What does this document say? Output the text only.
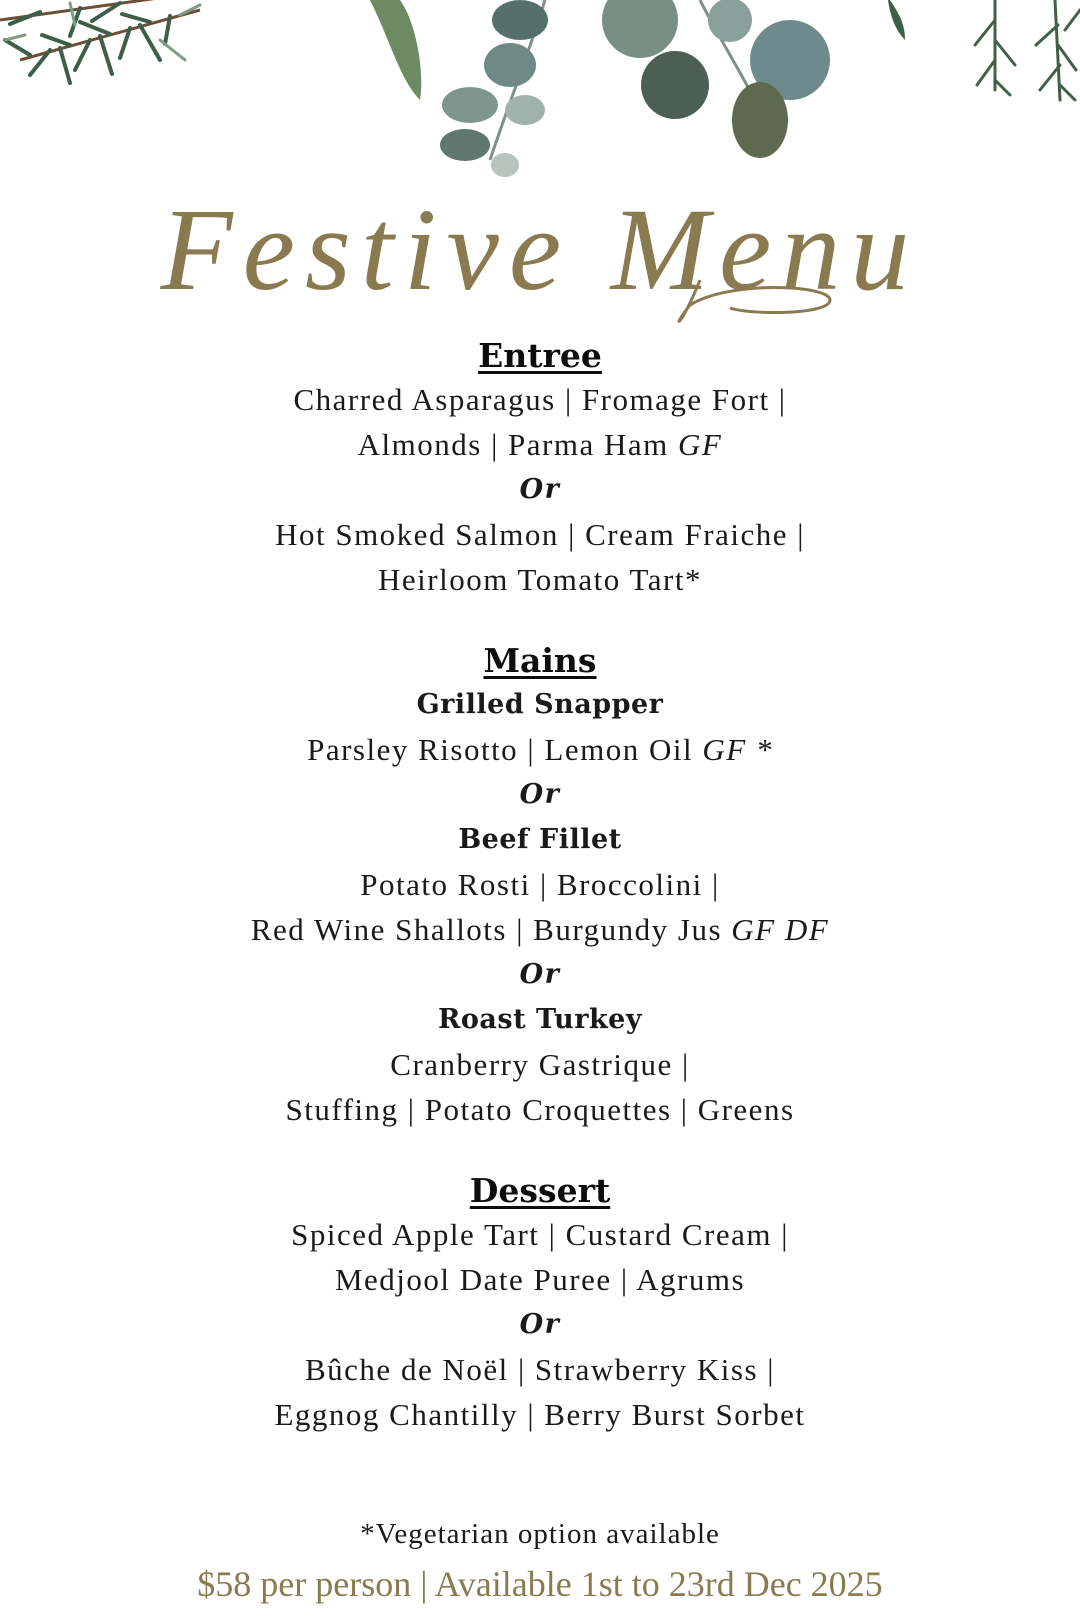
Festive Menu

Entree

Charred Asparagus | Fromage Fort |

Almonds | Parma Ham GF

Or

Hot Smoked Salmon | Cream Fraiche |

Heirloom Tomato Tart*

Mains

Grilled Snapper

Parsley Risotto | Lemon Oil GF *

Or

Beef Fillet

Potato Rosti | Broccolini |

Red Wine Shallots | Burgundy Jus GF DF

Or

Roast Turkey

Cranberry Gastrique |

Stuffing | Potato Croquettes | Greens

Dessert

Spiced Apple Tart | Custard Cream |

Medjool Date Puree | Agrums

Or

Bûche de Noël | Strawberry Kiss |

Eggnog Chantilly | Berry Burst Sorbet

*Vegetarian option available
$58 per person | Available 1st to 23rd Dec 2025
